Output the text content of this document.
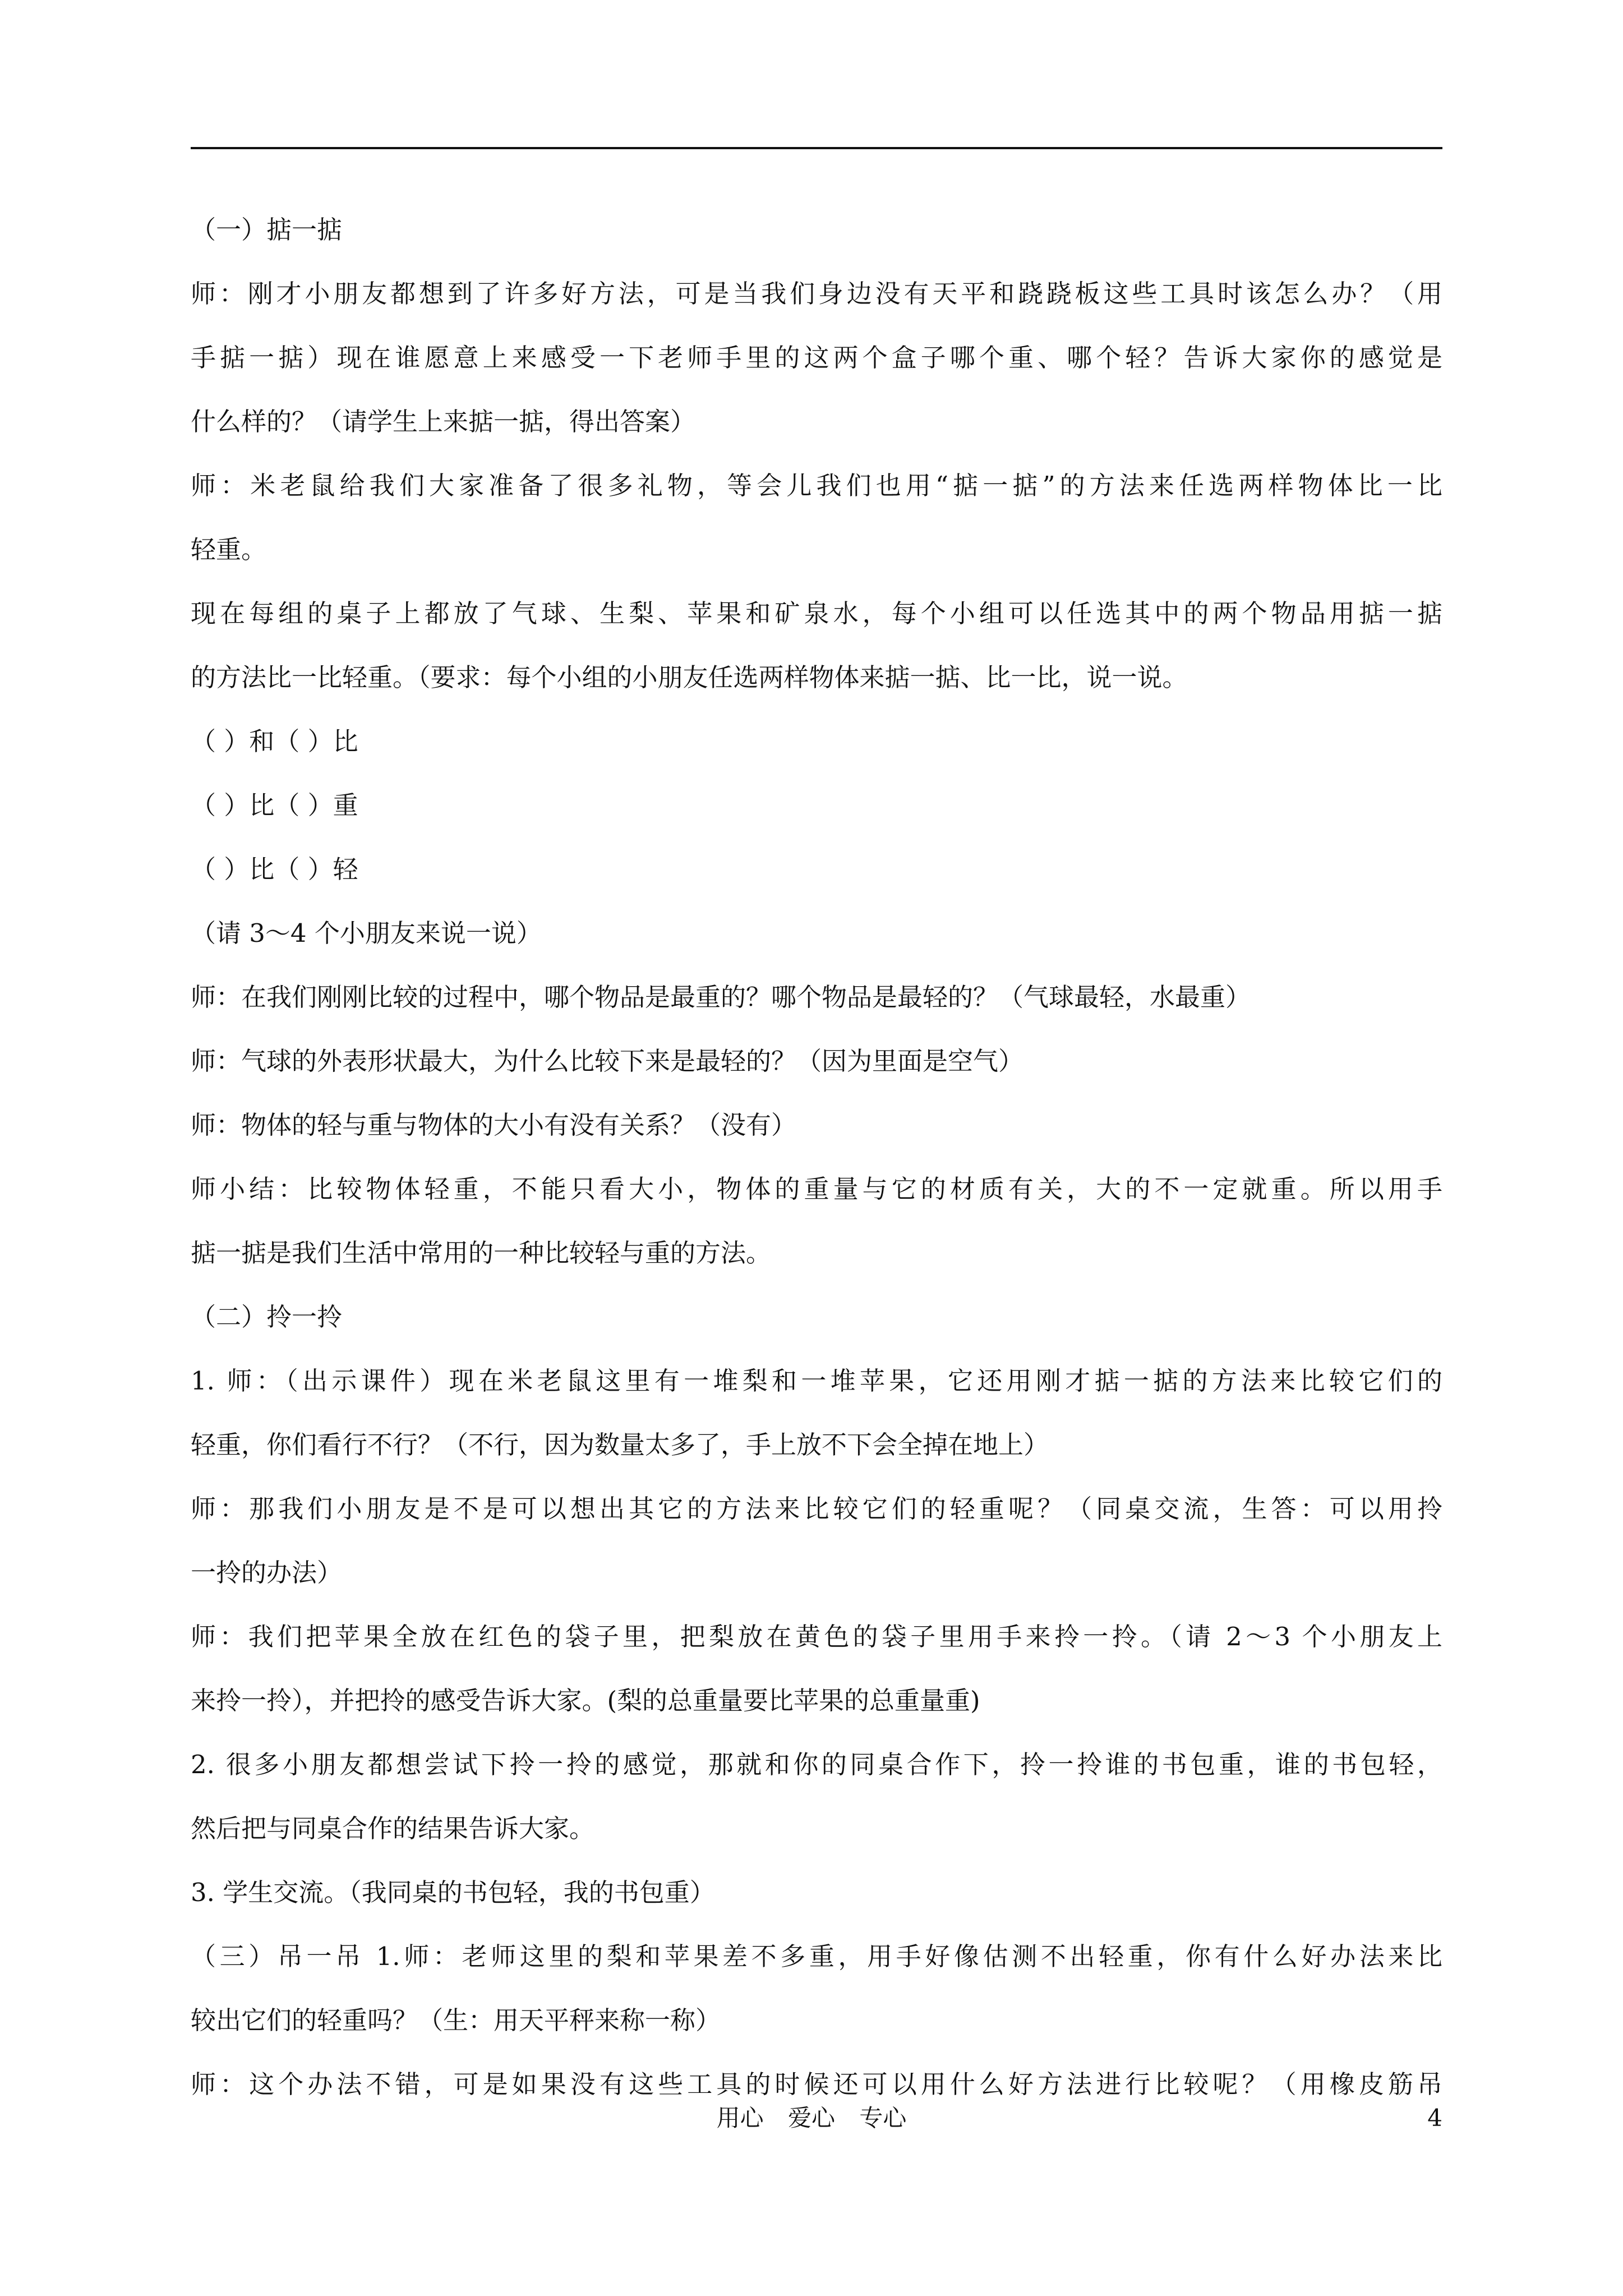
（一）掂一掂
师：刚才小朋友都想到了许多好方法，可是当我们身边没有天平和跷跷板这些工具时该怎么办？（用
手掂一掂）现在谁愿意上来感受一下老师手里的这两个盒子哪个重、哪个轻？告诉大家你的感觉是
什么样的？（请学生上来掂一掂，得出答案）
师：米老鼠给我们大家准备了很多礼物，等会儿我们也用“掂一掂”的方法来任选两样物体比一比
轻重。
现在每组的桌子上都放了气球、生梨、苹果和矿泉水，每个小组可以任选其中的两个物品用掂一掂
的方法比一比轻重。（要求：每个小组的小朋友任选两样物体来掂一掂、比一比，说一说。
（ ）和（ ）比
（ ）比（ ）重
（ ）比（ ）轻
（请 3～4 个小朋友来说一说）
师：在我们刚刚比较的过程中，哪个物品是最重的？哪个物品是最轻的？（气球最轻，水最重）
师：气球的外表形状最大，为什么比较下来是最轻的？（因为里面是空气）
师：物体的轻与重与物体的大小有没有关系？（没有）
师小结：比较物体轻重，不能只看大小，物体的重量与它的材质有关，大的不一定就重。所以用手
掂一掂是我们生活中常用的一种比较轻与重的方法。
（二）拎一拎
1. 师：（出示课件）现在米老鼠这里有一堆梨和一堆苹果，它还用刚才掂一掂的方法来比较它们的
轻重，你们看行不行？（不行，因为数量太多了，手上放不下会全掉在地上）
师：那我们小朋友是不是可以想出其它的方法来比较它们的轻重呢？（同桌交流，生答：可以用拎
一拎的办法）
师：我们把苹果全放在红色的袋子里，把梨放在黄色的袋子里用手来拎一拎。（请 2～3 个小朋友上
来拎一拎），并把拎的感受告诉大家。(梨的总重量要比苹果的总重量重)
2. 很多小朋友都想尝试下拎一拎的感觉，那就和你的同桌合作下，拎一拎谁的书包重，谁的书包轻，
然后把与同桌合作的结果告诉大家。
3. 学生交流。（我同桌的书包轻，我的书包重）
（三）吊一吊 1.师：老师这里的梨和苹果差不多重，用手好像估测不出轻重，你有什么好办法来比
较出它们的轻重吗？（生：用天平秤来称一称）
师：这个办法不错，可是如果没有这些工具的时候还可以用什么好方法进行比较呢？（用橡皮筋吊
用心 爱心 专心	4
